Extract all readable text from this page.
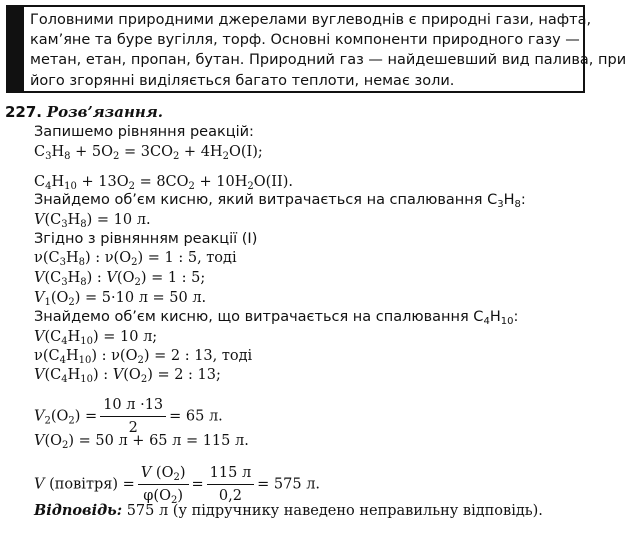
Головними природними джерелами вуглеводнів є природні гази, нафта,
кам’яне та буре вугілля, торф. Основні компоненти природного газу —
метан, етан, пропан, бутан. Природний газ — найдешевший вид палива, при
його згорянні виділяється багато теплоти, немає золи.
227. Розв’язання.
Запишемо рівняння реакцій:
$C_3H_8 + 5O_2 = 3CO_2 + 4H_2O(I)$;
$C_4H_{10} + 13O_2 = 8CO_2 + 10H_2O(II)$.
Знайдемо об’єм кисню, який витрачається на спалювання $C_3H_8$:
$V(C_3H_8) = 10$ л.
Згідно з рівнянням реакції (I)
$\nu(C_3H_8)$ : $\nu(O_2) = 1$ : 5, тоді
$V(C_3H_8)$ : $V(O_2) = 1$ : 5;
$V_1(O_2) = 5\cdot 10$ л = 50 л.
Знайдемо об’єм кисню, що витрачається на спалювання $C_4H_{10}$:
$V(C_4H_{10}) = 10$ л;
$\nu(C_4H_{10})$ : $\nu(O_2) = 2$ : 13, тоді
$V(C_4H_{10})$ : $V(O_2) = 2$ : 13;
$V_2(O_2) = \frac{10 л \cdot 13}{2} = 65$ л.
$V(O_2) = 50$ л + 65 л = 115 л.
V (повітря) = $\frac{V (O_2)}{\varphi(O_2)} = \frac{115 л}{0,2} = 575$ л.
Відповідь: 575 л (у підручнику наведено неправильну відповідь).
